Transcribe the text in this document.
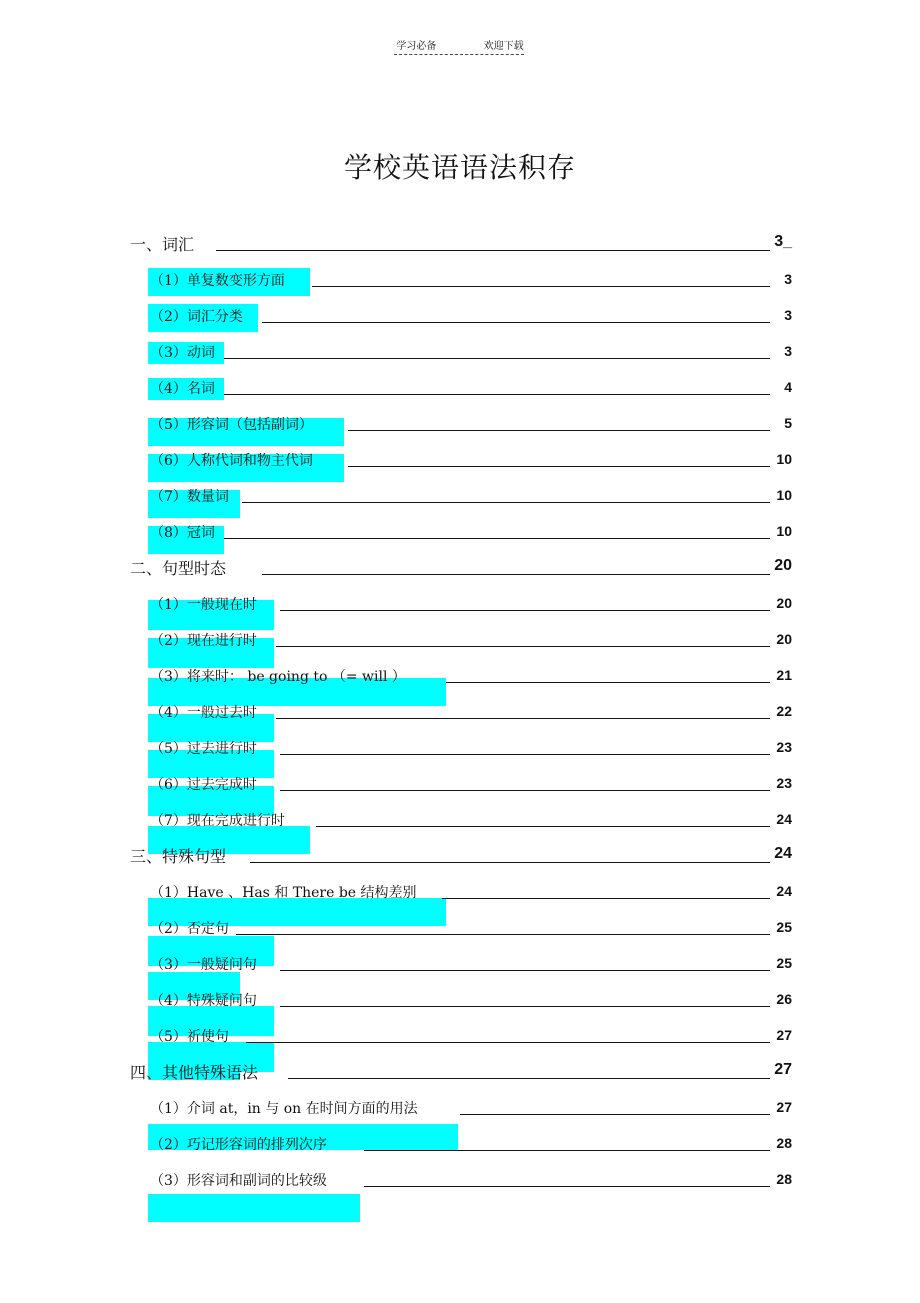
学习必备	欢迎下载
学校英语语法积存
一、词汇	3_
（1）单复数变形方面	3
（2）词汇分类	3
（3）动词	3
（4）名词	4
（5）形容词（包括副词）	5
（6）人称代词和物主代词	10
（7）数量词	10
（8）冠词	10
二、句型时态	20
（1）一般现在时	20
（2）现在进行时	20
（3）将来时： be going to （= will ）	21
（4）一般过去时	22
（5）过去进行时	23
（6）过去完成时	23
（7）现在完成进行时	24
三、特殊句型	24
（1）Have 、Has 和 There be 结构差别	24
（2）否定句	25
（3）一般疑问句	25
（4）特殊疑问句	26
（5）祈使句	27
四、其他特殊语法	27
（1）介词 at，in 与 on 在时间方面的用法	27
（2）巧记形容词的排列次序	28
（3）形容词和副词的比较级	28
